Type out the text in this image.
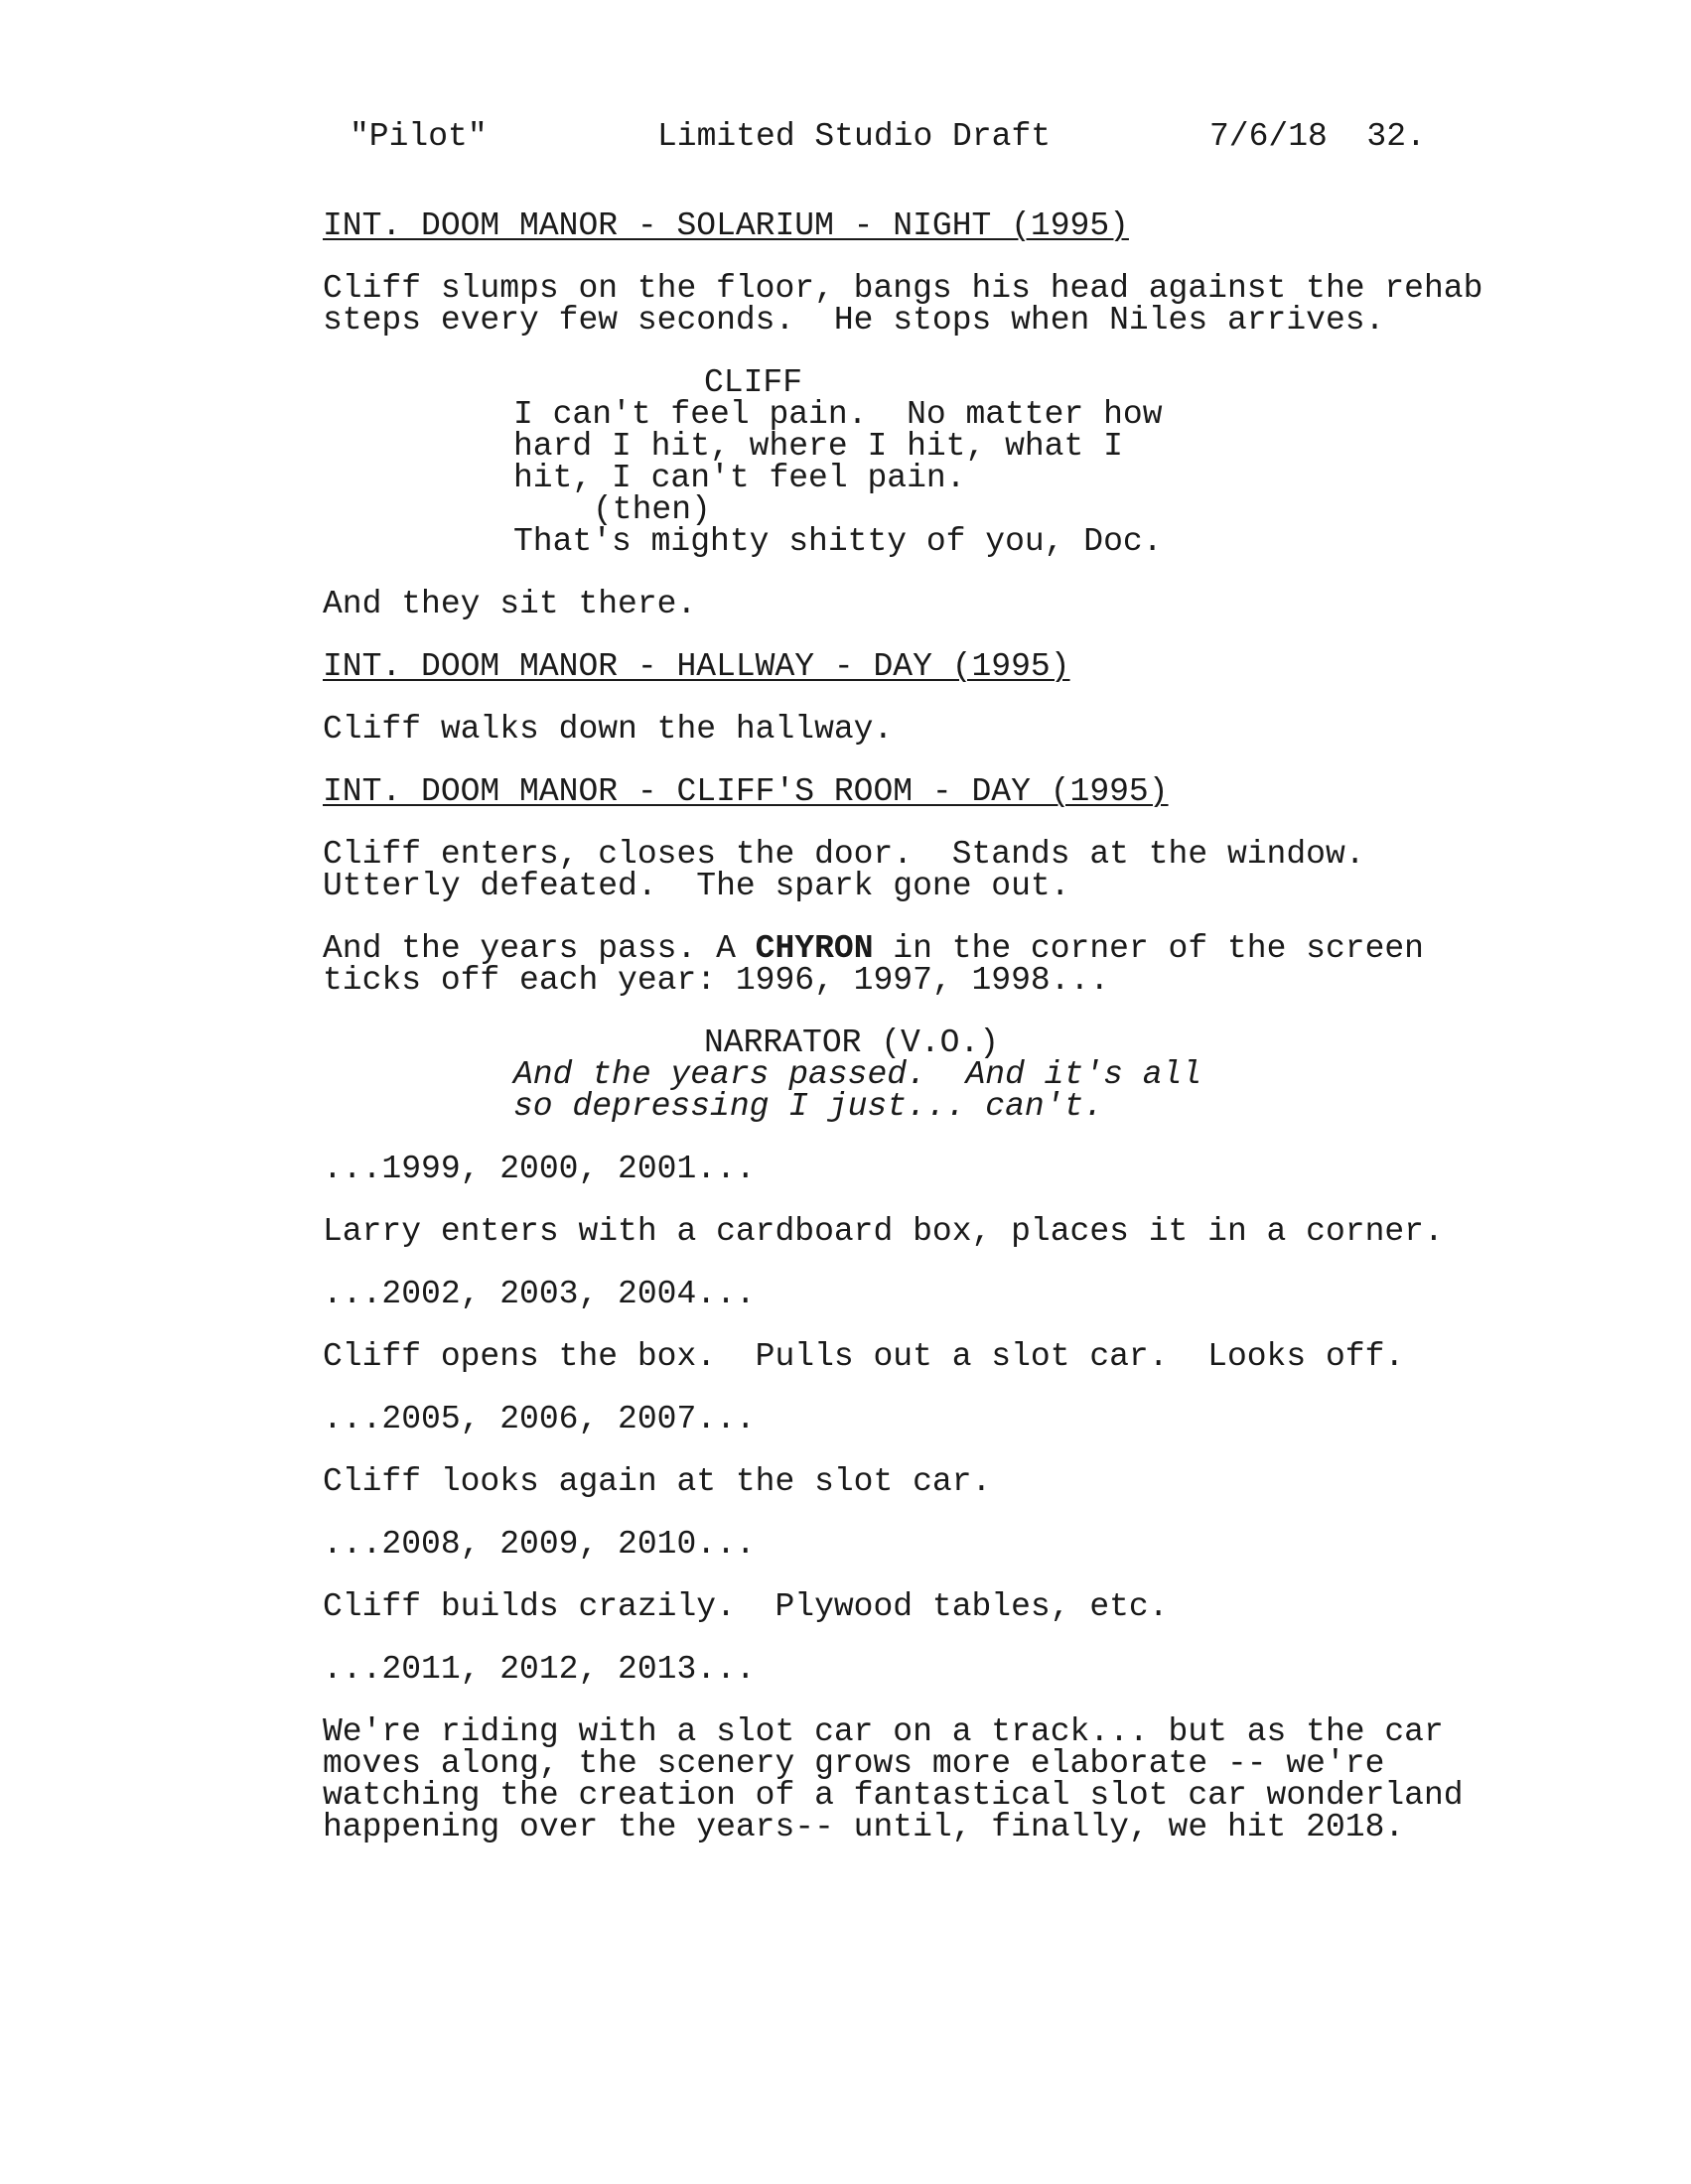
"Pilot"

	Limited Studio Draft

	7/6/18  32.

INT. DOOM MANOR - SOLARIUM - NIGHT (1995)
Cliff slumps on the floor, bangs his head against the rehab
steps every few seconds.  He stops when Niles arrives.
CLIFF
I can't feel pain.  No matter how
hard I hit, where I hit, what I
hit, I can't feel pain.
(then)
That's mighty shitty of you, Doc.
And they sit there.
INT. DOOM MANOR - HALLWAY - DAY (1995)
Cliff walks down the hallway.
INT. DOOM MANOR - CLIFF'S ROOM - DAY (1995)
Cliff enters, closes the door.  Stands at the window.
Utterly defeated.  The spark gone out.
And the years pass. A CHYRON in the corner of the screen
ticks off each year: 1996, 1997, 1998...
NARRATOR (V.O.)
And the years passed.  And it's all
so depressing I just... can't.
...1999, 2000, 2001...
Larry enters with a cardboard box, places it in a corner.
...2002, 2003, 2004...
Cliff opens the box.  Pulls out a slot car.  Looks off.
...2005, 2006, 2007...
Cliff looks again at the slot car.
...2008, 2009, 2010...
Cliff builds crazily.  Plywood tables, etc.
...2011, 2012, 2013...
We're riding with a slot car on a track... but as the car
moves along, the scenery grows more elaborate -- we're
watching the creation of a fantastical slot car wonderland
happening over the years-- until, finally, we hit 2018.
